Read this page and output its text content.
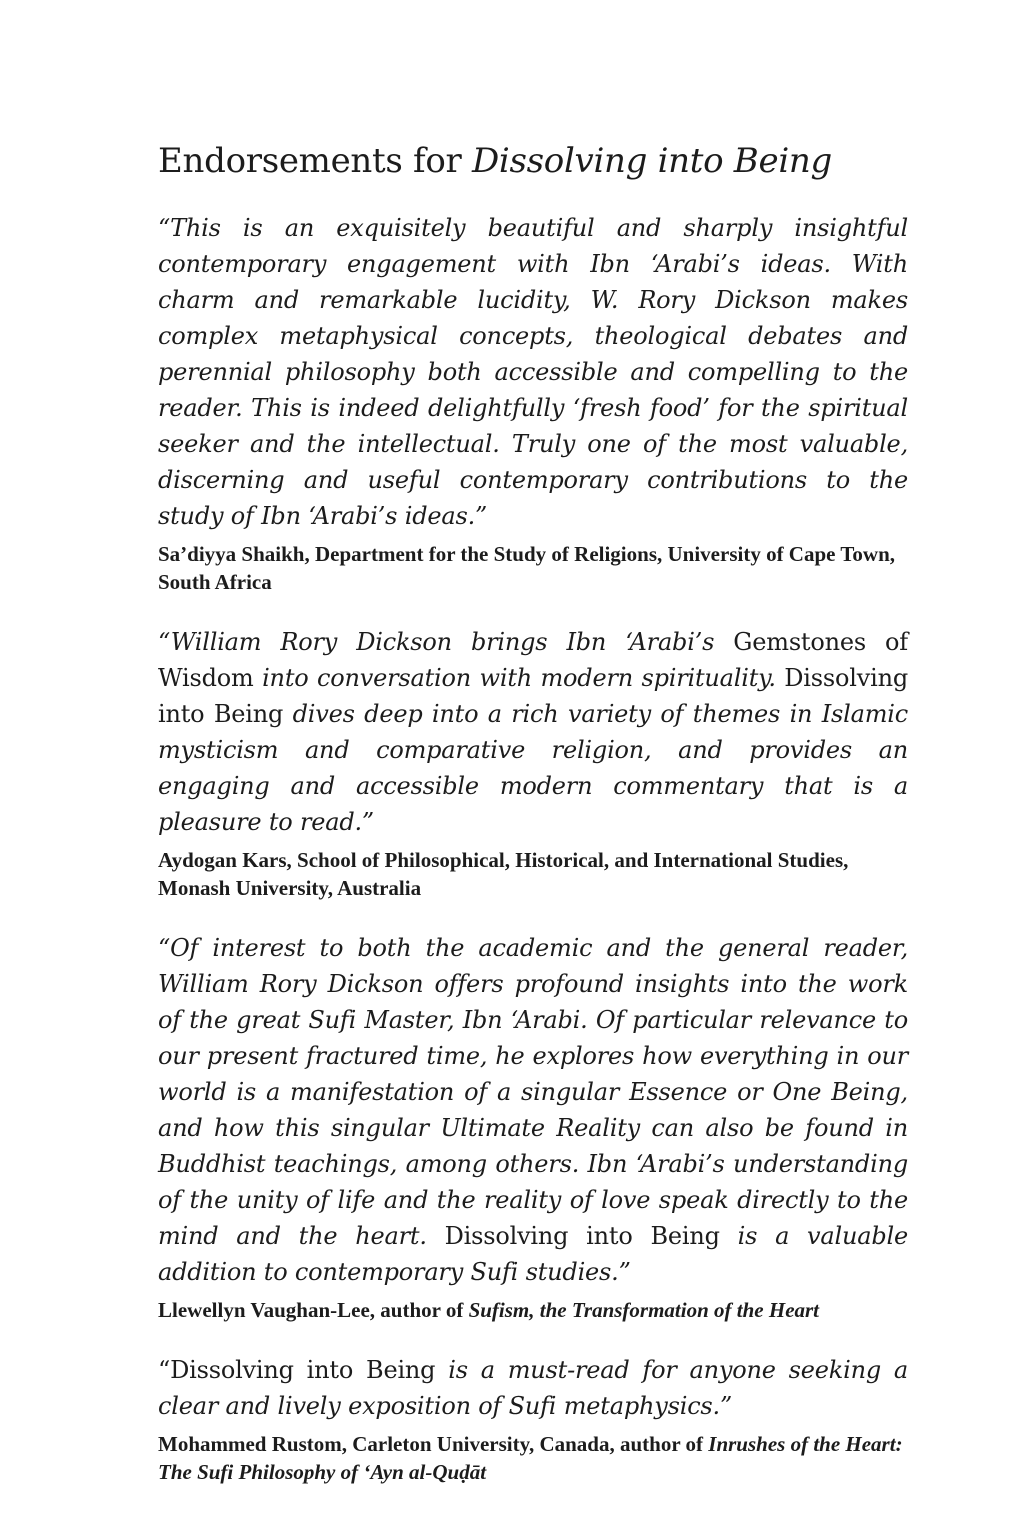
Endorsements for Dissolving into Being

“This is an exquisitely beautiful and sharply insightful contemporary engagement with Ibn ‘Arabi’s ideas. With charm and remarkable lucidity, W. Rory Dickson makes complex metaphysical concepts, theological debates and perennial philosophy both accessible and compelling to the reader. This is indeed delightfully ‘fresh food’ for the spiritual seeker and the intellectual. Truly one of the most valuable, discerning and useful contemporary contributions to the study of Ibn ‘Arabi’s ideas.”

Sa’diyya Shaikh, Department for the Study of Religions, University of Cape Town, South Africa

“William Rory Dickson brings Ibn ‘Arabi’s Gemstones of Wisdom into conversation with modern spirituality. Dissolving into Being dives deep into a rich variety of themes in Islamic mysticism and comparative religion, and provides an engaging and accessible modern commentary that is a pleasure to read.”

Aydogan Kars, School of Philosophical, Historical, and International Studies, Monash University, Australia

“Of interest to both the academic and the general reader, William Rory Dickson offers profound insights into the work of the great Sufi Master, Ibn ‘Arabi. Of particular relevance to our present fractured time, he explores how everything in our world is a manifestation of a singular Essence or One Being, and how this singular Ultimate Reality can also be found in Buddhist teachings, among others. Ibn ‘Arabi’s understanding of the unity of life and the reality of love speak directly to the mind and the heart. Dissolving into Being is a valuable addition to contemporary Sufi studies.”

Llewellyn Vaughan-Lee, author of Sufism, the Transformation of the Heart

“Dissolving into Being is a must-read for anyone seeking a clear and lively exposition of Sufi metaphysics.”

Mohammed Rustom, Carleton University, Canada, author of Inrushes of the Heart: The Sufi Philosophy of ‘Ayn al-Quḍāt
